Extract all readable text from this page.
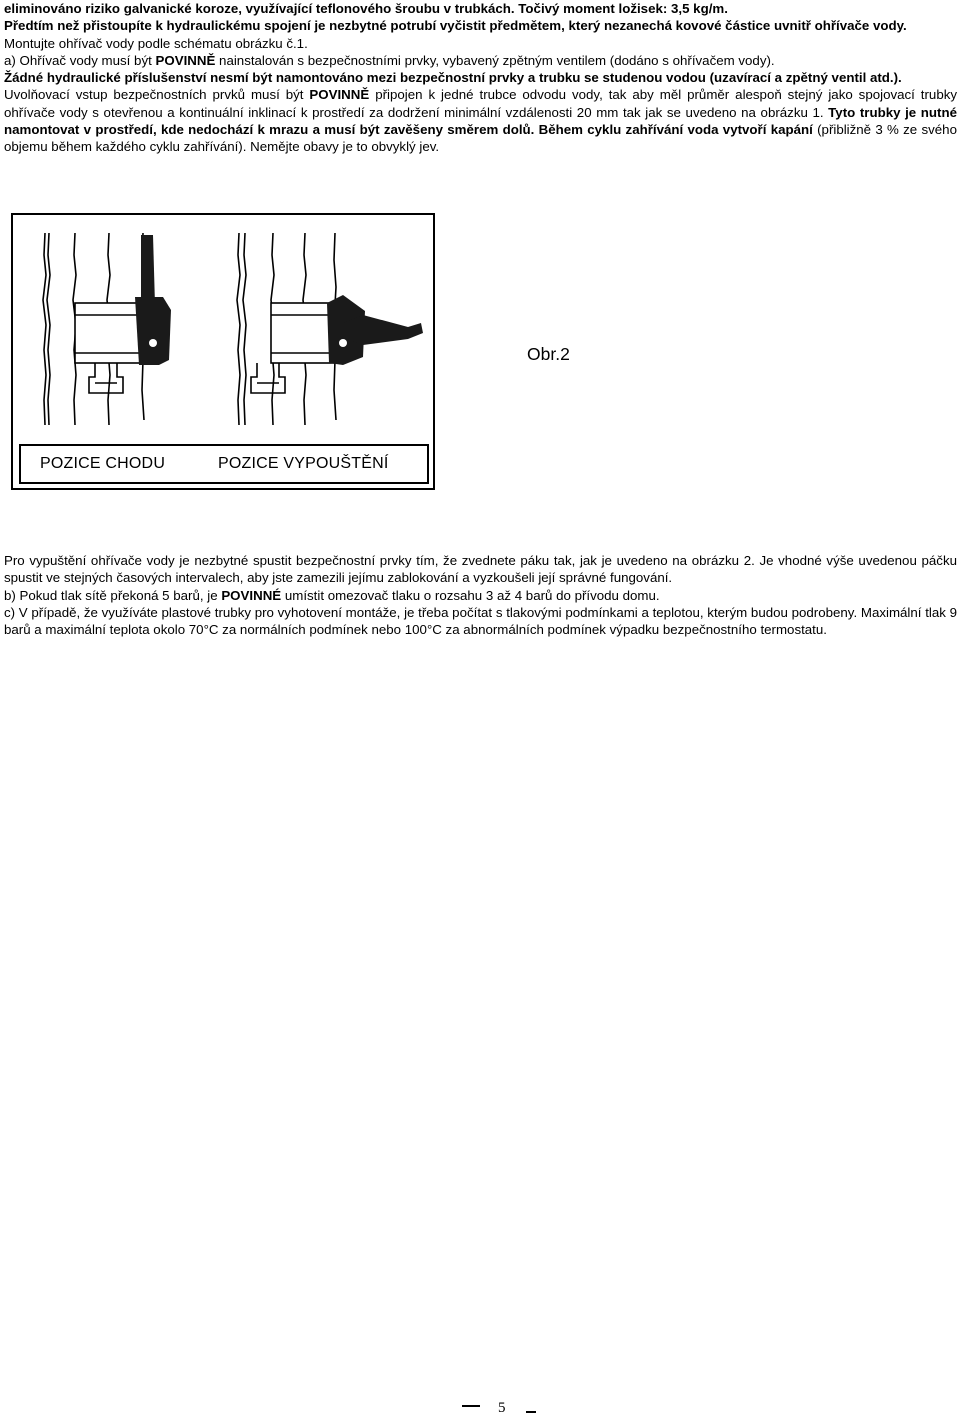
eliminováno riziko galvanické koroze, využívající teflonového šroubu v trubkách. Točivý moment ložisek: 3,5 kg/m.

Předtím než přistoupíte k hydraulickému spojení je nezbytné potrubí vyčistit předmětem, který nezanechá kovové částice uvnitř ohřívače vody.

Montujte ohřívač vody podle schématu obrázku č.1.

a) Ohřívač vody musí být POVINNĚ nainstalován s bezpečnostními prvky, vybavený zpětným ventilem (dodáno s ohřívačem vody).

Žádné hydraulické příslušenství nesmí být namontováno mezi bezpečnostní prvky a trubku se studenou vodou (uzavírací a zpětný ventil atd.).

Uvolňovací vstup bezpečnostních prvků musí být POVINNĚ připojen k jedné trubce odvodu vody, tak aby měl průměr alespoň stejný jako spojovací trubky ohřívače vody s otevřenou a kontinuální inklinací k prostředí za dodržení minimální vzdálenosti 20 mm tak jak se uvedeno na obrázku 1. Tyto trubky je nutné namontovat v prostředí, kde nedochází k mrazu a musí být zavěšeny směrem dolů. Během cyklu zahřívání voda vytvoří kapání (přibližně 3 % ze svého objemu během každého cyklu zahřívání). Nemějte obavy je to obvyklý jev.

POZICE CHODU	POZICE VYPOUŠTĚNÍ
Obr.2

Pro vypuštění ohřívače vody je nezbytné spustit bezpečnostní prvky tím, že zvednete páku tak, jak je uvedeno na obrázku 2. Je vhodné výše uvedenou páčku spustit ve stejných časových intervalech, aby jste zamezili jejímu zablokování a vyzkoušeli její správné fungování.

b) Pokud tlak sítě překoná 5 barů, je POVINNÉ umístit omezovač tlaku o rozsahu 3 až 4 barů do přívodu domu.

c) V případě, že využíváte plastové trubky pro vyhotovení montáže, je třeba počítat s tlakovými podmínkami a teplotou, kterým budou podrobeny. Maximální tlak 9 barů a maximální teplota okolo 70°C za normálních podmínek nebo 100°C za abnormálních podmínek výpadku bezpečnostního termostatu.

5
